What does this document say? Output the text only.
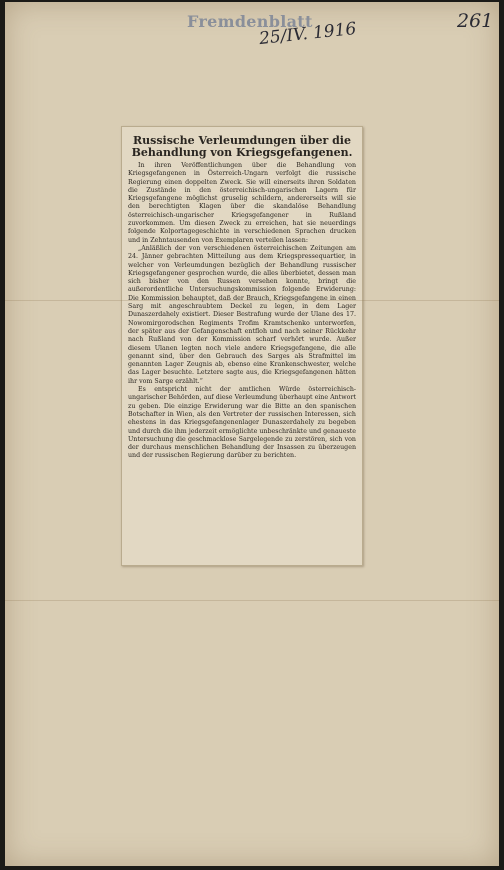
Fremdenblatt
25/IV. 1916	261
Russische Verleumdungen über die Behandlung von Kriegsgefangenen.

In ihren Veröffentlichungen über die Behandlung von Kriegsgefangenen in Österreich-Ungarn verfolgt die russische Regierung einen doppelten Zweck. Sie will einerseits ihren Soldaten die Zustände in den österreichisch-ungarischen Lagern für Kriegsgefangene möglichst gruselig schildern, andererseits will sie den berechtigten Klagen über die skandalöse Behandlung österreichisch-ungarischer Kriegsgefangener in Rußland zuvorkommen. Um diesen Zweck zu erreichen, hat sie neuerdings folgende Kolportagegeschichte in verschiedenen Sprachen drucken und in Zehntausenden von Exemplaren verteilen lassen:

„Anläßlich der von verschiedenen österreichischen Zeitungen am 24. Jänner gebrachten Mitteilung aus dem Kriegspressequartier, in welcher von Verleumdungen bezüglich der Behandlung russischer Kriegsgefangener gesprochen wurde, die alles überbietet, dessen man sich bisher von den Russen versehen konnte, bringt die außerordentliche Untersuchungskommission folgende Erwiderung: Die Kommission behauptet, daß der Brauch, Kriegsgefangene in einen Sarg mit angeschraubtem Deckel zu legen, in dem Lager Dunaszerdahely existiert. Dieser Bestrafung wurde der Ulane des 17. Nowomirgorodschen Regiments Trofim Kramtschenko unterworfen, der später aus der Gefangenschaft entfloh und nach seiner Rückkehr nach Rußland von der Kommission scharf verhört wurde. Außer diesem Ulanen legten noch viele andere Kriegsgefangene, die alle genannt sind, über den Gebrauch des Sarges als Strafmittel im genannten Lager Zeugnis ab, ebenso eine Krankenschwester, welche das Lager besuchte. Letztere sagte aus, die Kriegsgefangenen hätten ihr vom Sarge erzählt.“

Es entspricht nicht der amtlichen Würde österreichisch-ungarischer Behörden, auf diese Verleumdung überhaupt eine Antwort zu geben. Die einzige Erwiderung war die Bitte an den spanischen Botschafter in Wien, als den Vertreter der russischen Interessen, sich ehestens in das Kriegsgefangenenlager Dunaszerdahely zu begeben und durch die ihm jederzeit ermöglichte unbeschränkte und genaueste Untersuchung die geschmacklose Sargelegende zu zerstören, sich von der durchaus menschlichen Behandlung der Insassen zu überzeugen und der russischen Regierung darüber zu berichten.
